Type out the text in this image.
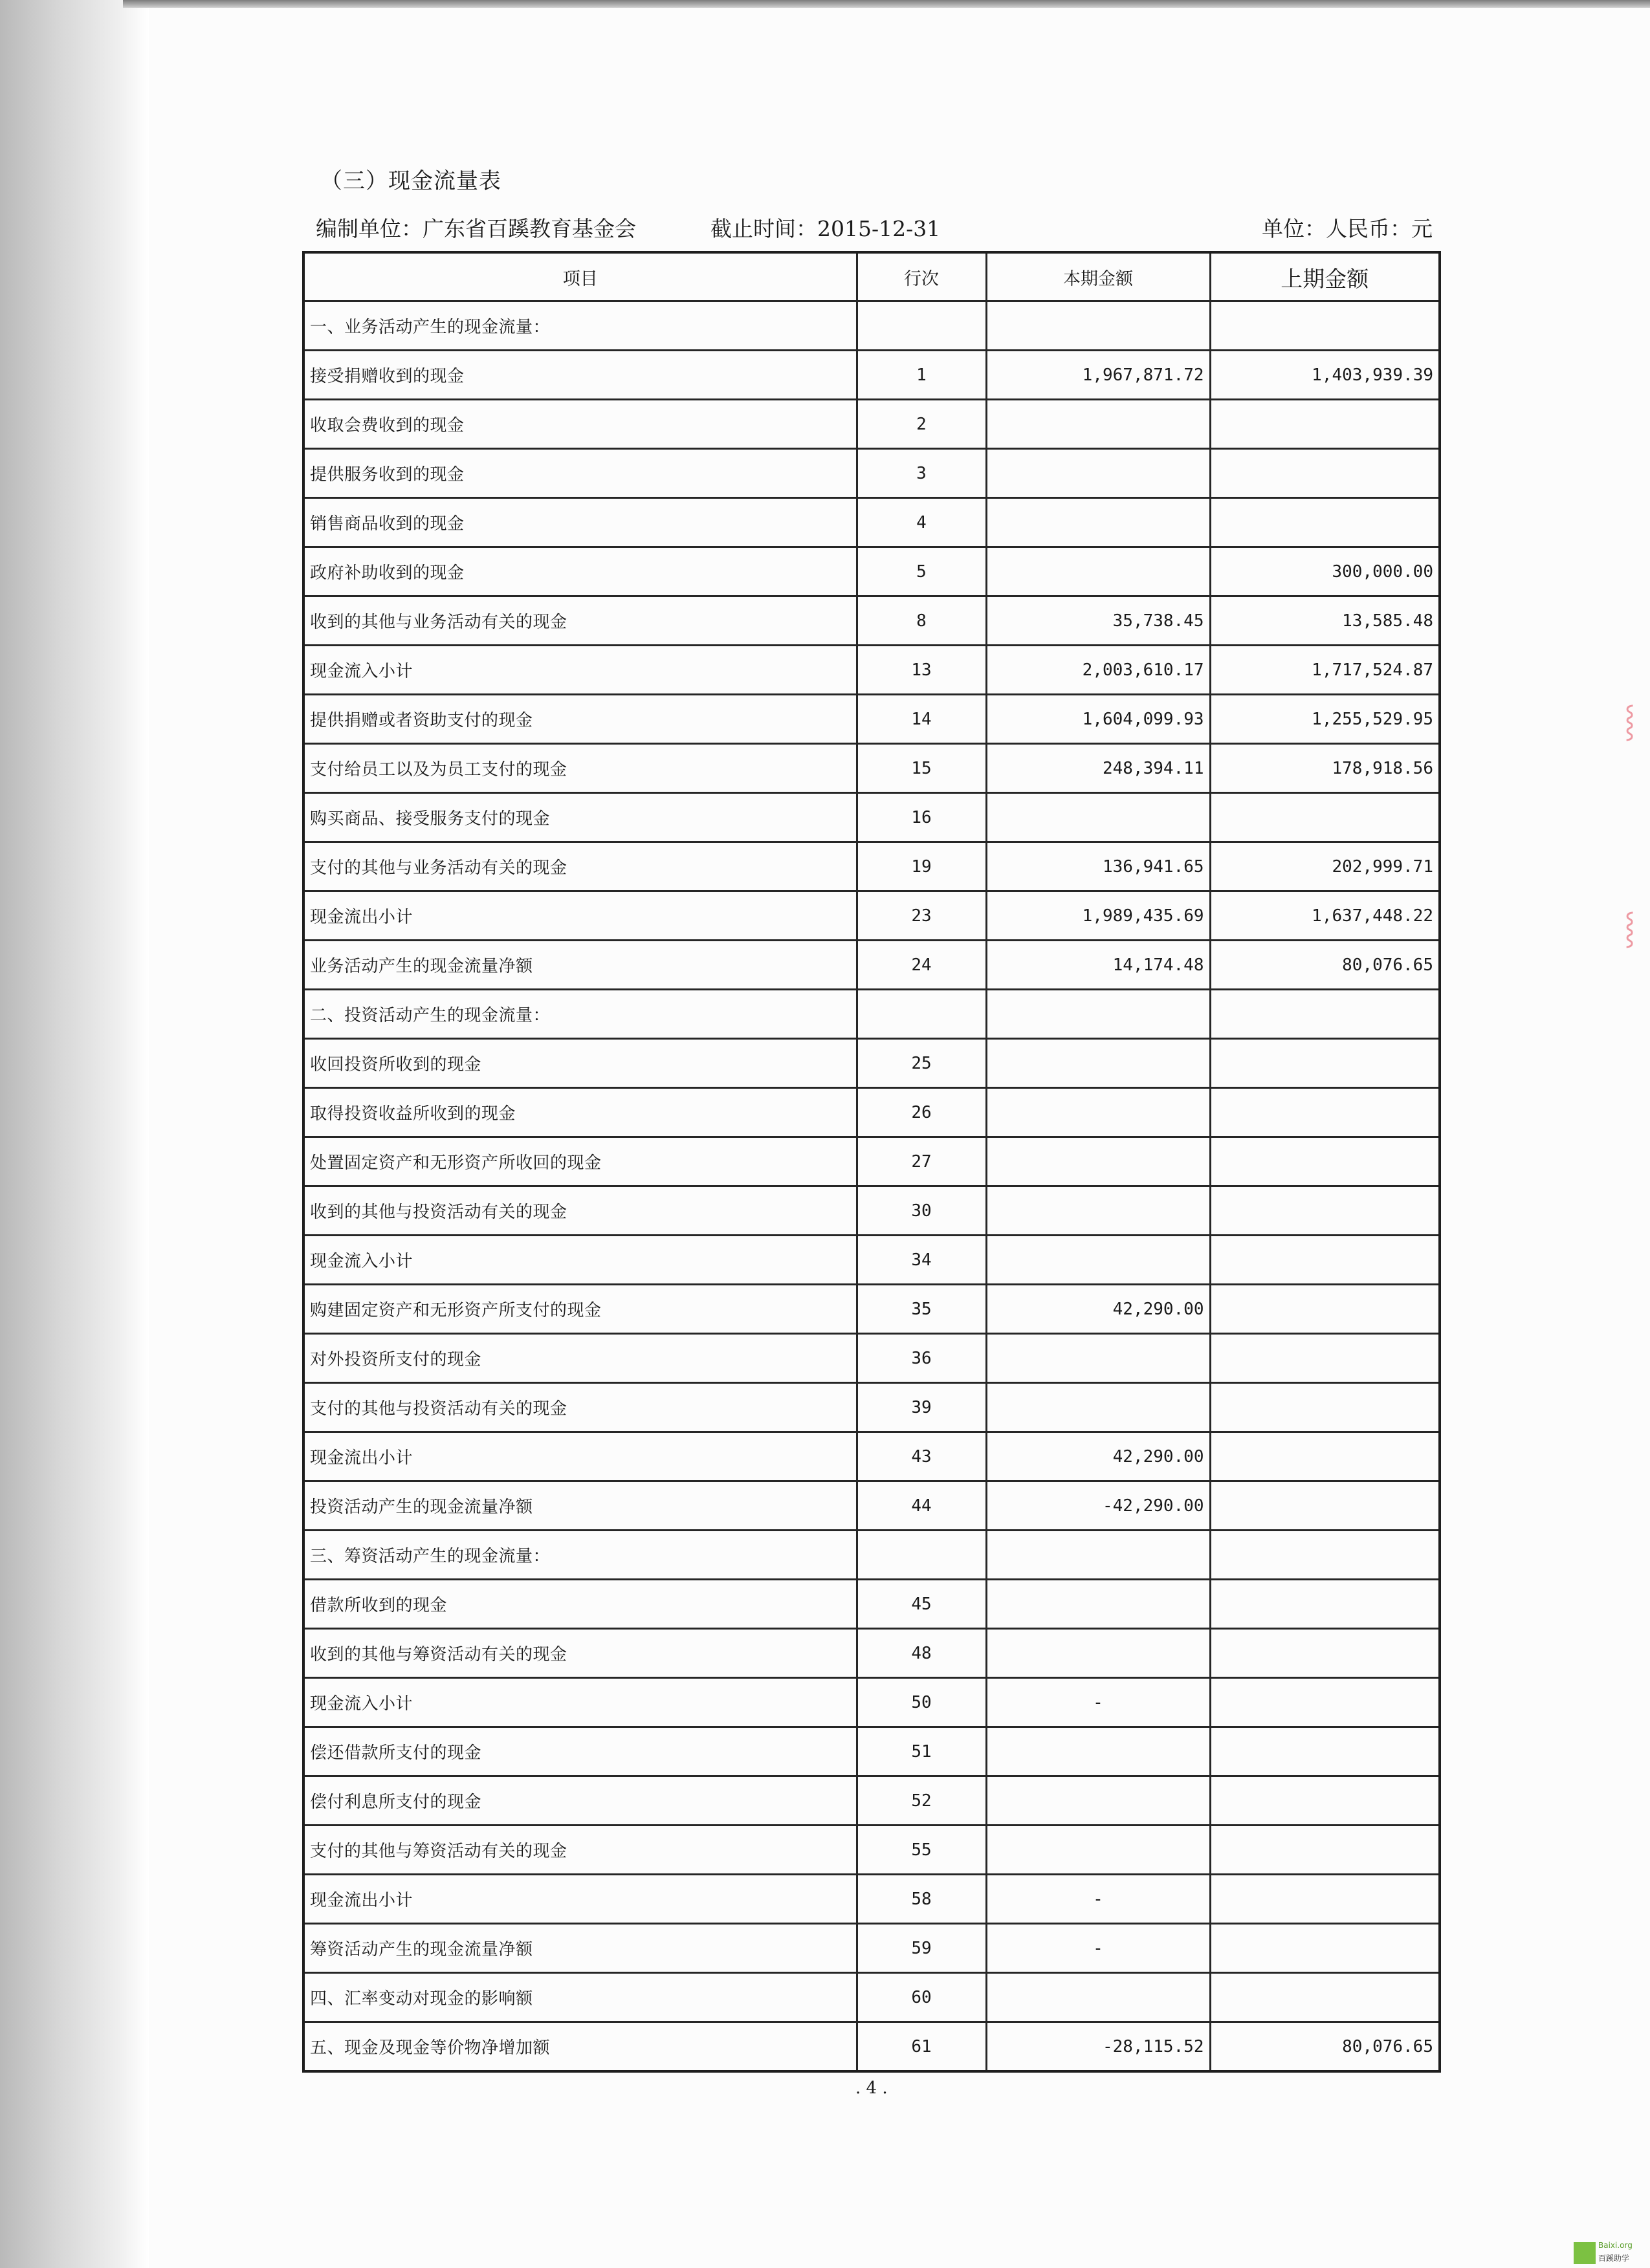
（三）现金流量表
编制单位：广东省百蹊教育基金会	截止时间：2015-12-31	单位：人民币：元
项目	行次	本期金额	上期金额
一、业务活动产生的现金流量：			
接受捐赠收到的现金	1	1,967,871.72	1,403,939.39
收取会费收到的现金	2		
提供服务收到的现金	3		
销售商品收到的现金	4		
政府补助收到的现金	5		300,000.00
收到的其他与业务活动有关的现金	8	35,738.45	13,585.48
现金流入小计	13	2,003,610.17	1,717,524.87
提供捐赠或者资助支付的现金	14	1,604,099.93	1,255,529.95
支付给员工以及为员工支付的现金	15	248,394.11	178,918.56
购买商品、接受服务支付的现金	16		
支付的其他与业务活动有关的现金	19	136,941.65	202,999.71
现金流出小计	23	1,989,435.69	1,637,448.22
业务活动产生的现金流量净额	24	14,174.48	80,076.65
二、投资活动产生的现金流量：			
收回投资所收到的现金	25		
取得投资收益所收到的现金	26		
处置固定资产和无形资产所收回的现金	27		
收到的其他与投资活动有关的现金	30		
现金流入小计	34		
购建固定资产和无形资产所支付的现金	35	42,290.00	
对外投资所支付的现金	36		
支付的其他与投资活动有关的现金	39		
现金流出小计	43	42,290.00	
投资活动产生的现金流量净额	44	-42,290.00	
三、筹资活动产生的现金流量：			
借款所收到的现金	45		
收到的其他与筹资活动有关的现金	48		
现金流入小计	50	-	
偿还借款所支付的现金	51		
偿付利息所支付的现金	52		
支付的其他与筹资活动有关的现金	55		
现金流出小计	58	-	
筹资活动产生的现金流量净额	59	-	
四、汇率变动对现金的影响额	60		
五、现金及现金等价物净增加额	61	-28,115.52	80,076.65
. 4 .
⸾
⸾
Baixi.org
百蹊助学
